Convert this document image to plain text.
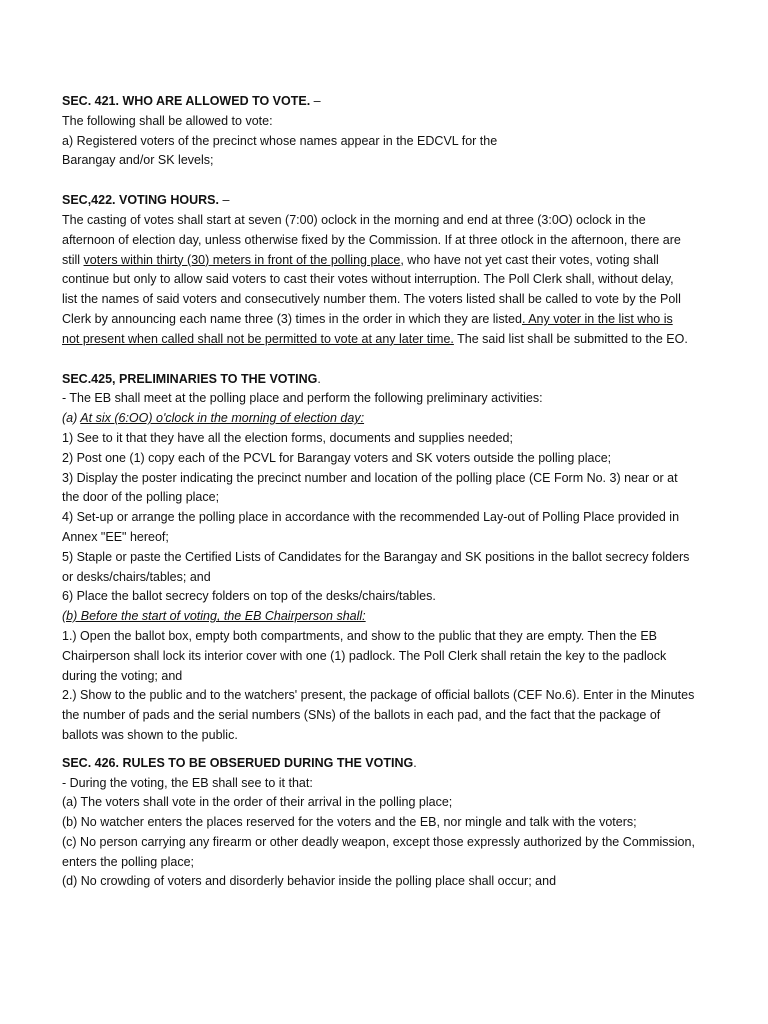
SEC. 421. WHO ARE ALLOWED TO VOTE. –
The following shall be allowed to vote:
a) Registered voters of the precinct whose names appear in the EDCVL for the
Barangay and/or SK levels;
SEC,422. VOTING HOURS. –
The casting of votes shall start at seven (7:00) oclock in the morning and end at three (3:0O) oclock in the
afternoon of election day, unless otherwise fixed by the Commission. If at three otlock in the afternoon, there are
still voters within thirty (30) meters in front of the polling place, who have not yet cast their votes, voting shall
continue but only to allow said voters to cast their votes without interruption. The Poll Clerk shall, without delay,
list the names of said voters and consecutively number them. The voters listed shall be called to vote by the Poll
Clerk by announcing each name three (3) times in the order in which they are listed. Any voter in the list who is
not present when called shall not be permitted to vote at any later time. The said list shall be submitted to the EO.
SEC.425, PRELIMINARIES TO THE VOTING.
- The EB shall meet at the polling place and perform the following preliminary activities:
(a) At six (6:OO) o'clock in the morning of election day:
1) See to it that they have all the election forms, documents and supplies needed;
2) Post one (1) copy each of the PCVL for Barangay voters and SK voters outside the polling place;
3) Display the poster indicating the precinct number and location of the polling place (CE Form No. 3) near or at
the door of the polling place;
4) Set-up or arrange the polling place in accordance with the recommended Lay-out of Polling Place provided in
Annex "EE" hereof;
5) Staple or paste the Certified Lists of Candidates for the Barangay and SK positions in the ballot secrecy folders
or desks/chairs/tables; and
6) Place the ballot secrecy folders on top of the desks/chairs/tables.
(b) Before the start of voting, the EB Chairperson shall:
1.) Open the ballot box, empty both compartments, and show to the public that they are empty. Then the EB
Chairperson shall lock its interior cover with one (1) padlock. The Poll Clerk shall retain the key to the padlock
during the voting; and
2.) Show to the public and to the watchers' present, the package of official ballots (CEF No.6). Enter in the Minutes
the number of pads and the serial numbers (SNs) of the ballots in each pad, and the fact that the package of
ballots was shown to the public.
SEC. 426. RULES TO BE OBSERUED DURING THE VOTING.
- During the voting, the EB shall see to it that:
(a) The voters shall vote in the order of their arrival in the polling place;
(b) No watcher enters the places reserved for the voters and the EB, nor mingle and talk with the voters;
(c) No person carrying any firearm or other deadly weapon, except those expressly authorized by the Commission,
enters the polling place;
(d) No crowding of voters and disorderly behavior inside the polling place shall occur; and
